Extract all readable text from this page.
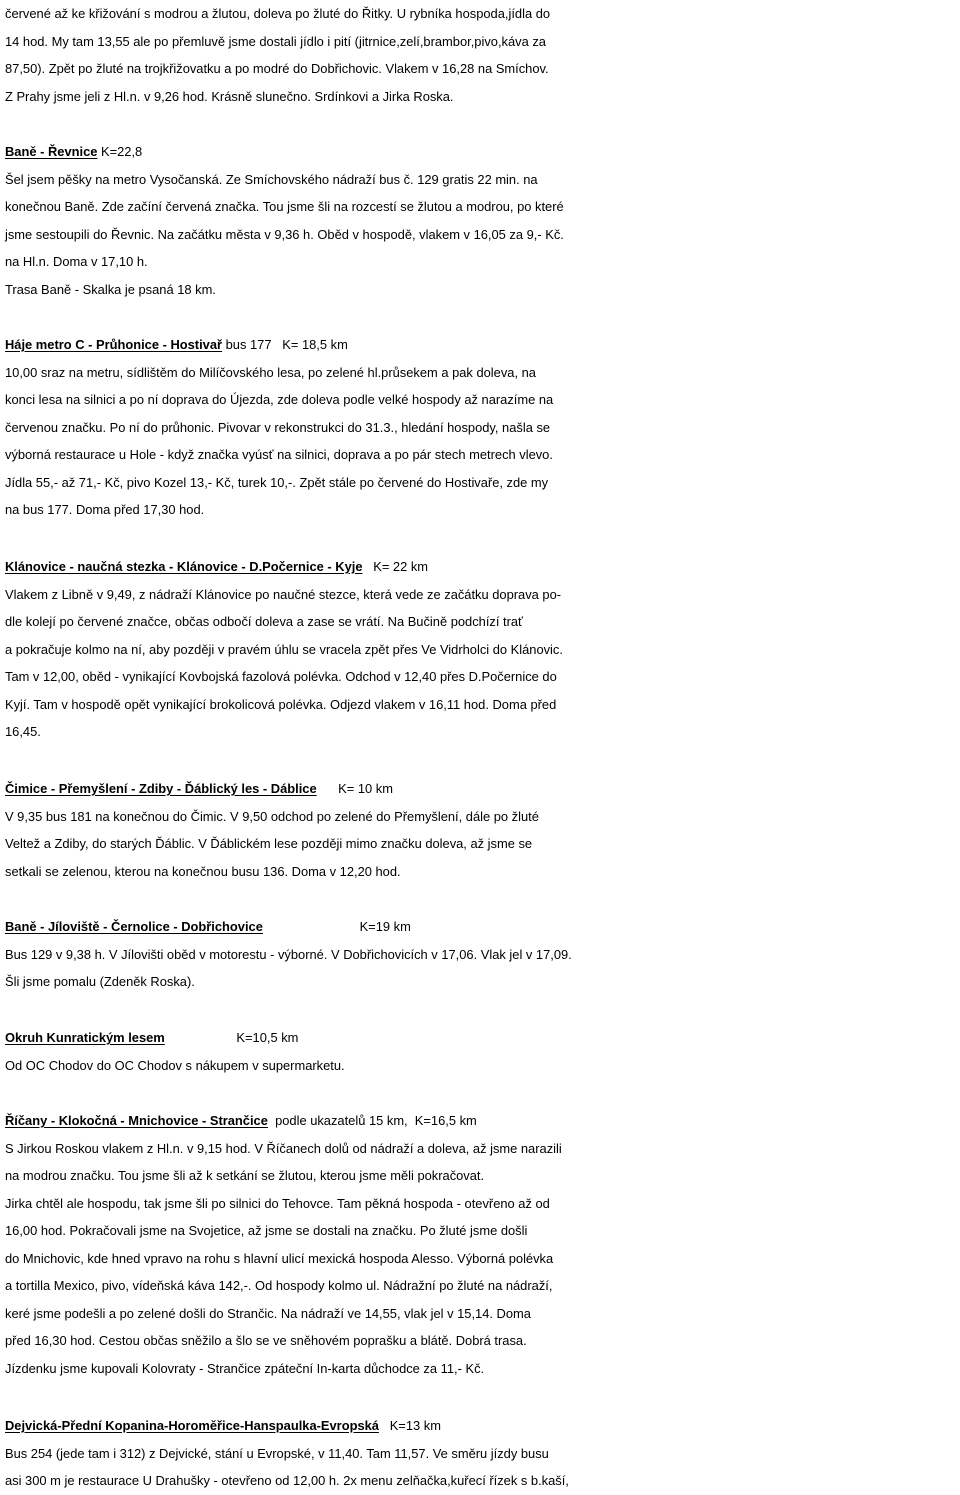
červené až ke křižování s modrou a žlutou, doleva po žluté do Řitky. U rybníka hospoda,jídla do
14 hod. My tam 13,55 ale po přemluvě jsme dostali jídlo i pití (jitrnice,zelí,brambor,pivo,káva za
87,50). Zpět po žluté na trojkřižovatku a po modré do Dobřichovic. Vlakem v 16,28 na Smíchov.
Z Prahy jsme jeli z Hl.n. v 9,26 hod. Krásně slunečno. Srdínkovi a Jirka Roska.
Baně - Řevnice K=22,8
Šel jsem pěšky na metro Vysočanská. Ze Smíchovského nádraží bus č. 129 gratis 22 min. na
konečnou Baně. Zde začíní červená značka. Tou jsme šli na rozcestí se žlutou a modrou, po které
jsme sestoupili do Řevnic. Na začátku města v 9,36 h. Oběd v hospodě, vlakem v 16,05 za 9,- Kč.
na Hl.n. Doma v 17,10 h.
Trasa Baně - Skalka je psaná 18 km.
Háje metro C - Průhonice - Hostivař bus 177   K= 18,5 km
10,00 sraz na metru, sídlištěm do Milíčovského lesa, po zelené hl.průsekem a pak doleva, na
konci lesa na silnici a po ní doprava do Újezda, zde doleva podle velké hospody až narazíme na
červenou značku. Po ní do průhonic. Pivovar v rekonstrukci do 31.3., hledání hospody, našla se
výborná restaurace u Hole - když značka vyúsť na silnici, doprava a po pár stech metrech vlevo.
Jídla 55,- až 71,- Kč, pivo Kozel 13,- Kč, turek 10,-. Zpět stále po červené do Hostivaře, zde my
na bus 177. Doma před 17,30 hod.
Klánovice - naučná stezka - Klánovice - D.Počernice - Kyje   K= 22 km
Vlakem z Libně v 9,49, z nádraží Klánovice po naučné stezce, která vede ze začátku doprava po-
dle kolejí po červené značce, občas odbočí doleva a zase se vrátí. Na Bučině podchízí trať
a pokračuje kolmo na ní, aby později v pravém úhlu se vracela zpět přes Ve Vidrholci do Klánovic.
Tam v 12,00, oběd - vynikající Kovbojská fazolová polévka. Odchod v 12,40 přes D.Počernice do
Kyjí. Tam v hospodě opět vynikající brokolicová polévka. Odjezd vlakem v 16,11 hod. Doma před
16,45.
Čimice - Přemyšlení - Zdiby - Ďáblický les - Dáblice      K= 10 km
V 9,35 bus 181 na konečnou do Čimic. V 9,50 odchod po zelené do Přemyšlení, dále po žluté
Veltež a Zdiby, do starých Ďáblic. V Ďáblickém lese později mimo značku doleva, až jsme se
setkali se zelenou, kterou na konečnou busu 136. Doma v 12,20 hod.
Baně - Jíloviště - Černolice - Dobřichovice                           K=19 km
Bus 129 v 9,38 h. V Jílovišti oběd v motorestu - výborné. V Dobřichovicích v 17,06. Vlak jel v 17,09.
Šli jsme pomalu (Zdeněk Roska).
Okruh Kunratickým lesem                    K=10,5 km
Od OC Chodov do OC Chodov s nákupem v supermarketu.
Říčany - Klokočná - Mnichovice - Strančice  podle ukazatelů 15 km,  K=16,5 km
S Jirkou Roskou vlakem z Hl.n. v 9,15 hod. V Říčanech dolů od nádraží a doleva, až jsme narazili
na modrou značku. Tou jsme šli až k setkání se žlutou, kterou jsme měli pokračovat.
Jirka chtěl ale hospodu, tak jsme šli po silnici do Tehovce. Tam pěkná hospoda - otevřeno až od
16,00 hod. Pokračovali jsme na Svojetice, až jsme se dostali na značku. Po žluté jsme došli
do Mnichovic, kde hned vpravo na rohu s hlavní ulicí mexická hospoda Alesso. Výborná polévka
a tortilla Mexico, pivo, vídeňská káva 142,-. Od hospody kolmo ul. Nádražní po žluté na nádraží,
keré jsme podešli a po zelené došli do Strančic. Na nádraží ve 14,55, vlak jel v 15,14. Doma
před 16,30 hod. Cestou občas sněžilo a šlo se ve sněhovém poprašku a blátě. Dobrá trasa.
Jízdenku jsme kupovali Kolovraty - Strančice zpáteční In-karta důchodce za 11,- Kč.
Dejvická-Přední Kopanina-Horoměřice-Hanspaulka-Evropská   K=13 km
Bus 254 (jede tam i 312) z Dejvické, stání u Evropské, v 11,40. Tam 11,57. Ve směru jízdy busu
asi 300 m je restaurace U Drahušky - otevřeno od 12,00 h. 2x menu zelňačka,kuřecí řízek s b.kaší,
